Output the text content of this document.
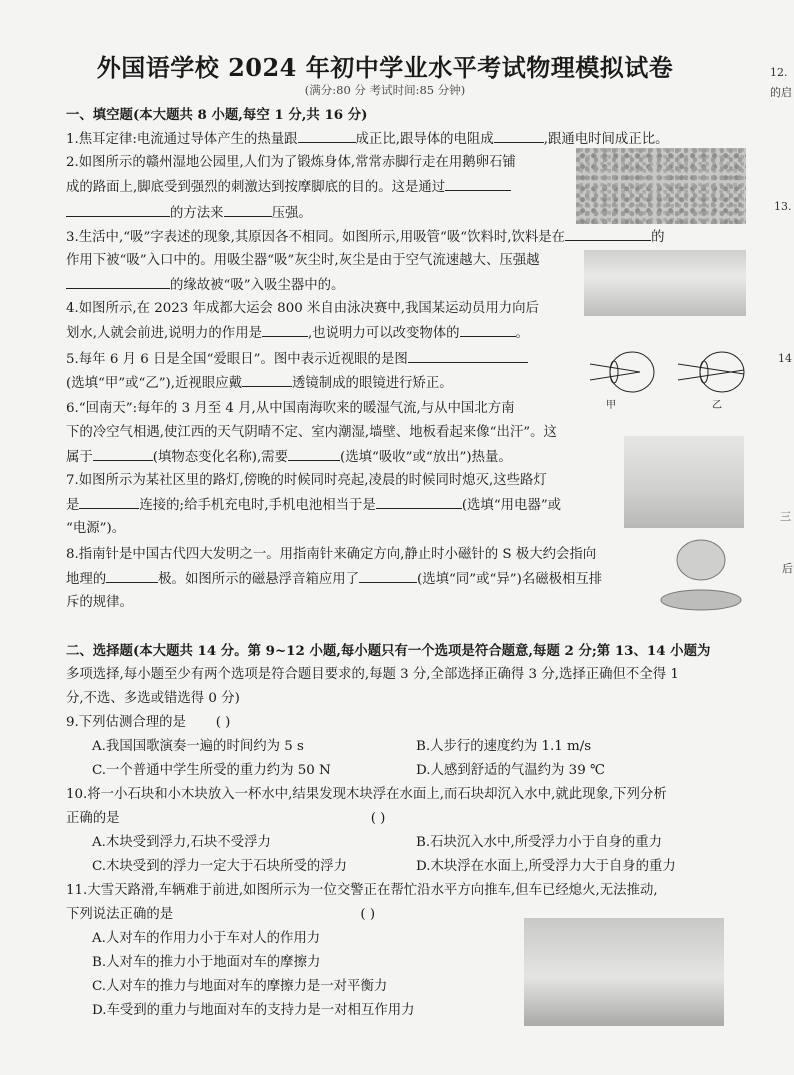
外国语学校 2024 年初中学业水平考试物理模拟试卷
(满分:80 分 考试时间:85 分钟)
12.
的启
13.
14
三
后
一、填空题(本大题共 8 小题,每空 1 分,共 16 分)
1.焦耳定律:电流通过导体产生的热量跟	成正比,跟导体的电阻成	,跟通电时间成正比。
2.如图所示的赣州湿地公园里,人们为了锻炼身体,常常赤脚行走在用鹅卵石铺
成的路面上,脚底受到强烈的刺激达到按摩脚底的目的。这是通过
的方法来	压强。
3.生活中,“吸”字表述的现象,其原因各不相同。如图所示,用吸管“吸“饮料时,饮料是在	的
作用下被“吸”入口中的。用吸尘器“吸”灰尘时,灰尘是由于空气流速越大、压强越
的缘故被“吸”入吸尘器中的。
4.如图所示,在 2023 年成都大运会 800 米自由泳决赛中,我国某运动员用力向后
划水,人就会前进,说明力的作用是	,也说明力可以改变物体的	。
5.每年 6 月 6 日是全国“爱眼日”。图中表示近视眼的是图
(选填“甲”或“乙”),近视眼应戴	透镜制成的眼镜进行矫正。
甲	乙
6.“回南天”:每年的 3 月至 4 月,从中国南海吹来的暖湿气流,与从中国北方南
下的冷空气相遇,使江西的天气阴晴不定、室内潮湿,墙壁、地板看起来像“出汗”。这
属于	(填物态变化名称),需要	(选填“吸收”或“放出”)热量。
7.如图所示为某社区里的路灯,傍晚的时候同时亮起,凌晨的时候同时熄灭,这些路灯
是	连接的;给手机充电时,手机电池相当于是	(选填“用电器”或
“电源”)。
8.指南针是中国古代四大发明之一。用指南针来确定方向,静止时小磁针的 S 极大约会指向
地理的	极。如图所示的磁悬浮音箱应用了	(选填“同”或“异”)名磁极相互排
斥的规律。
二、选择题(本大题共 14 分。第 9~12 小题,每小题只有一个选项是符合题意,每题 2 分;第 13、14 小题为
多项选择,每小题至少有两个选项是符合题目要求的,每题 3 分,全部选择正确得 3 分,选择正确但不全得 1
分,不选、多选或错选得 0 分)
9.下列估测合理的是 ( )
A.我国国歌演奏一遍的时间约为 5 s	B.人步行的速度约为 1.1 m/s
C.一个普通中学生所受的重力约为 50 N	D.人感到舒适的气温约为 39 ℃
10.将一小石块和小木块放入一杯水中,结果发现木块浮在水面上,而石块却沉入水中,就此现象,下列分析
正确的是	( )
A.木块受到浮力,石块不受浮力	B.石块沉入水中,所受浮力小于自身的重力
C.木块受到的浮力一定大于石块所受的浮力	D.木块浮在水面上,所受浮力大于自身的重力
11.大雪天路滑,车辆难于前进,如图所示为一位交警正在帮忙沿水平方向推车,但车已经熄火,无法推动,
下列说法正确的是	( )
A.人对车的作用力小于车对人的作用力
B.人对车的推力小于地面对车的摩擦力
C.人对车的推力与地面对车的摩擦力是一对平衡力
D.车受到的重力与地面对车的支持力是一对相互作用力
